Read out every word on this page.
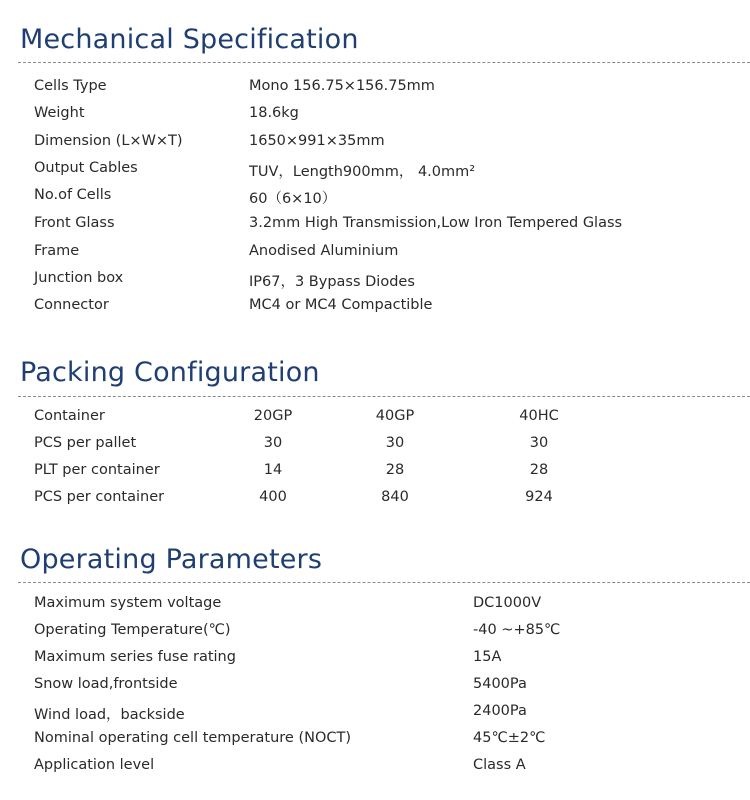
Mechanical Specification
Cells Type	Mono 156.75×156.75mm
Weight	18.6kg
Dimension (L×W×T)	1650×991×35mm
Output Cables	TUV，Length900mm， 4.0mm²
No.of Cells	60（6×10）
Front Glass	3.2mm High Transmission,Low Iron Tempered Glass
Frame	Anodised Aluminium
Junction box	IP67，3 Bypass Diodes
Connector	MC4 or MC4 Compactible
Packing Configuration
Container	20GP	40GP	40HC
PCS per pallet	30	30	30
PLT per container	14	28	28
PCS per container	400	840	924
Operating Parameters
Maximum system voltage	DC1000V
Operating Temperature(℃)	-40 ~+85℃
Maximum series fuse rating	15A
Snow load,frontside	5400Pa
Wind load，backside	2400Pa
Nominal operating cell temperature (NOCT)	45℃±2℃
Application level	Class A
